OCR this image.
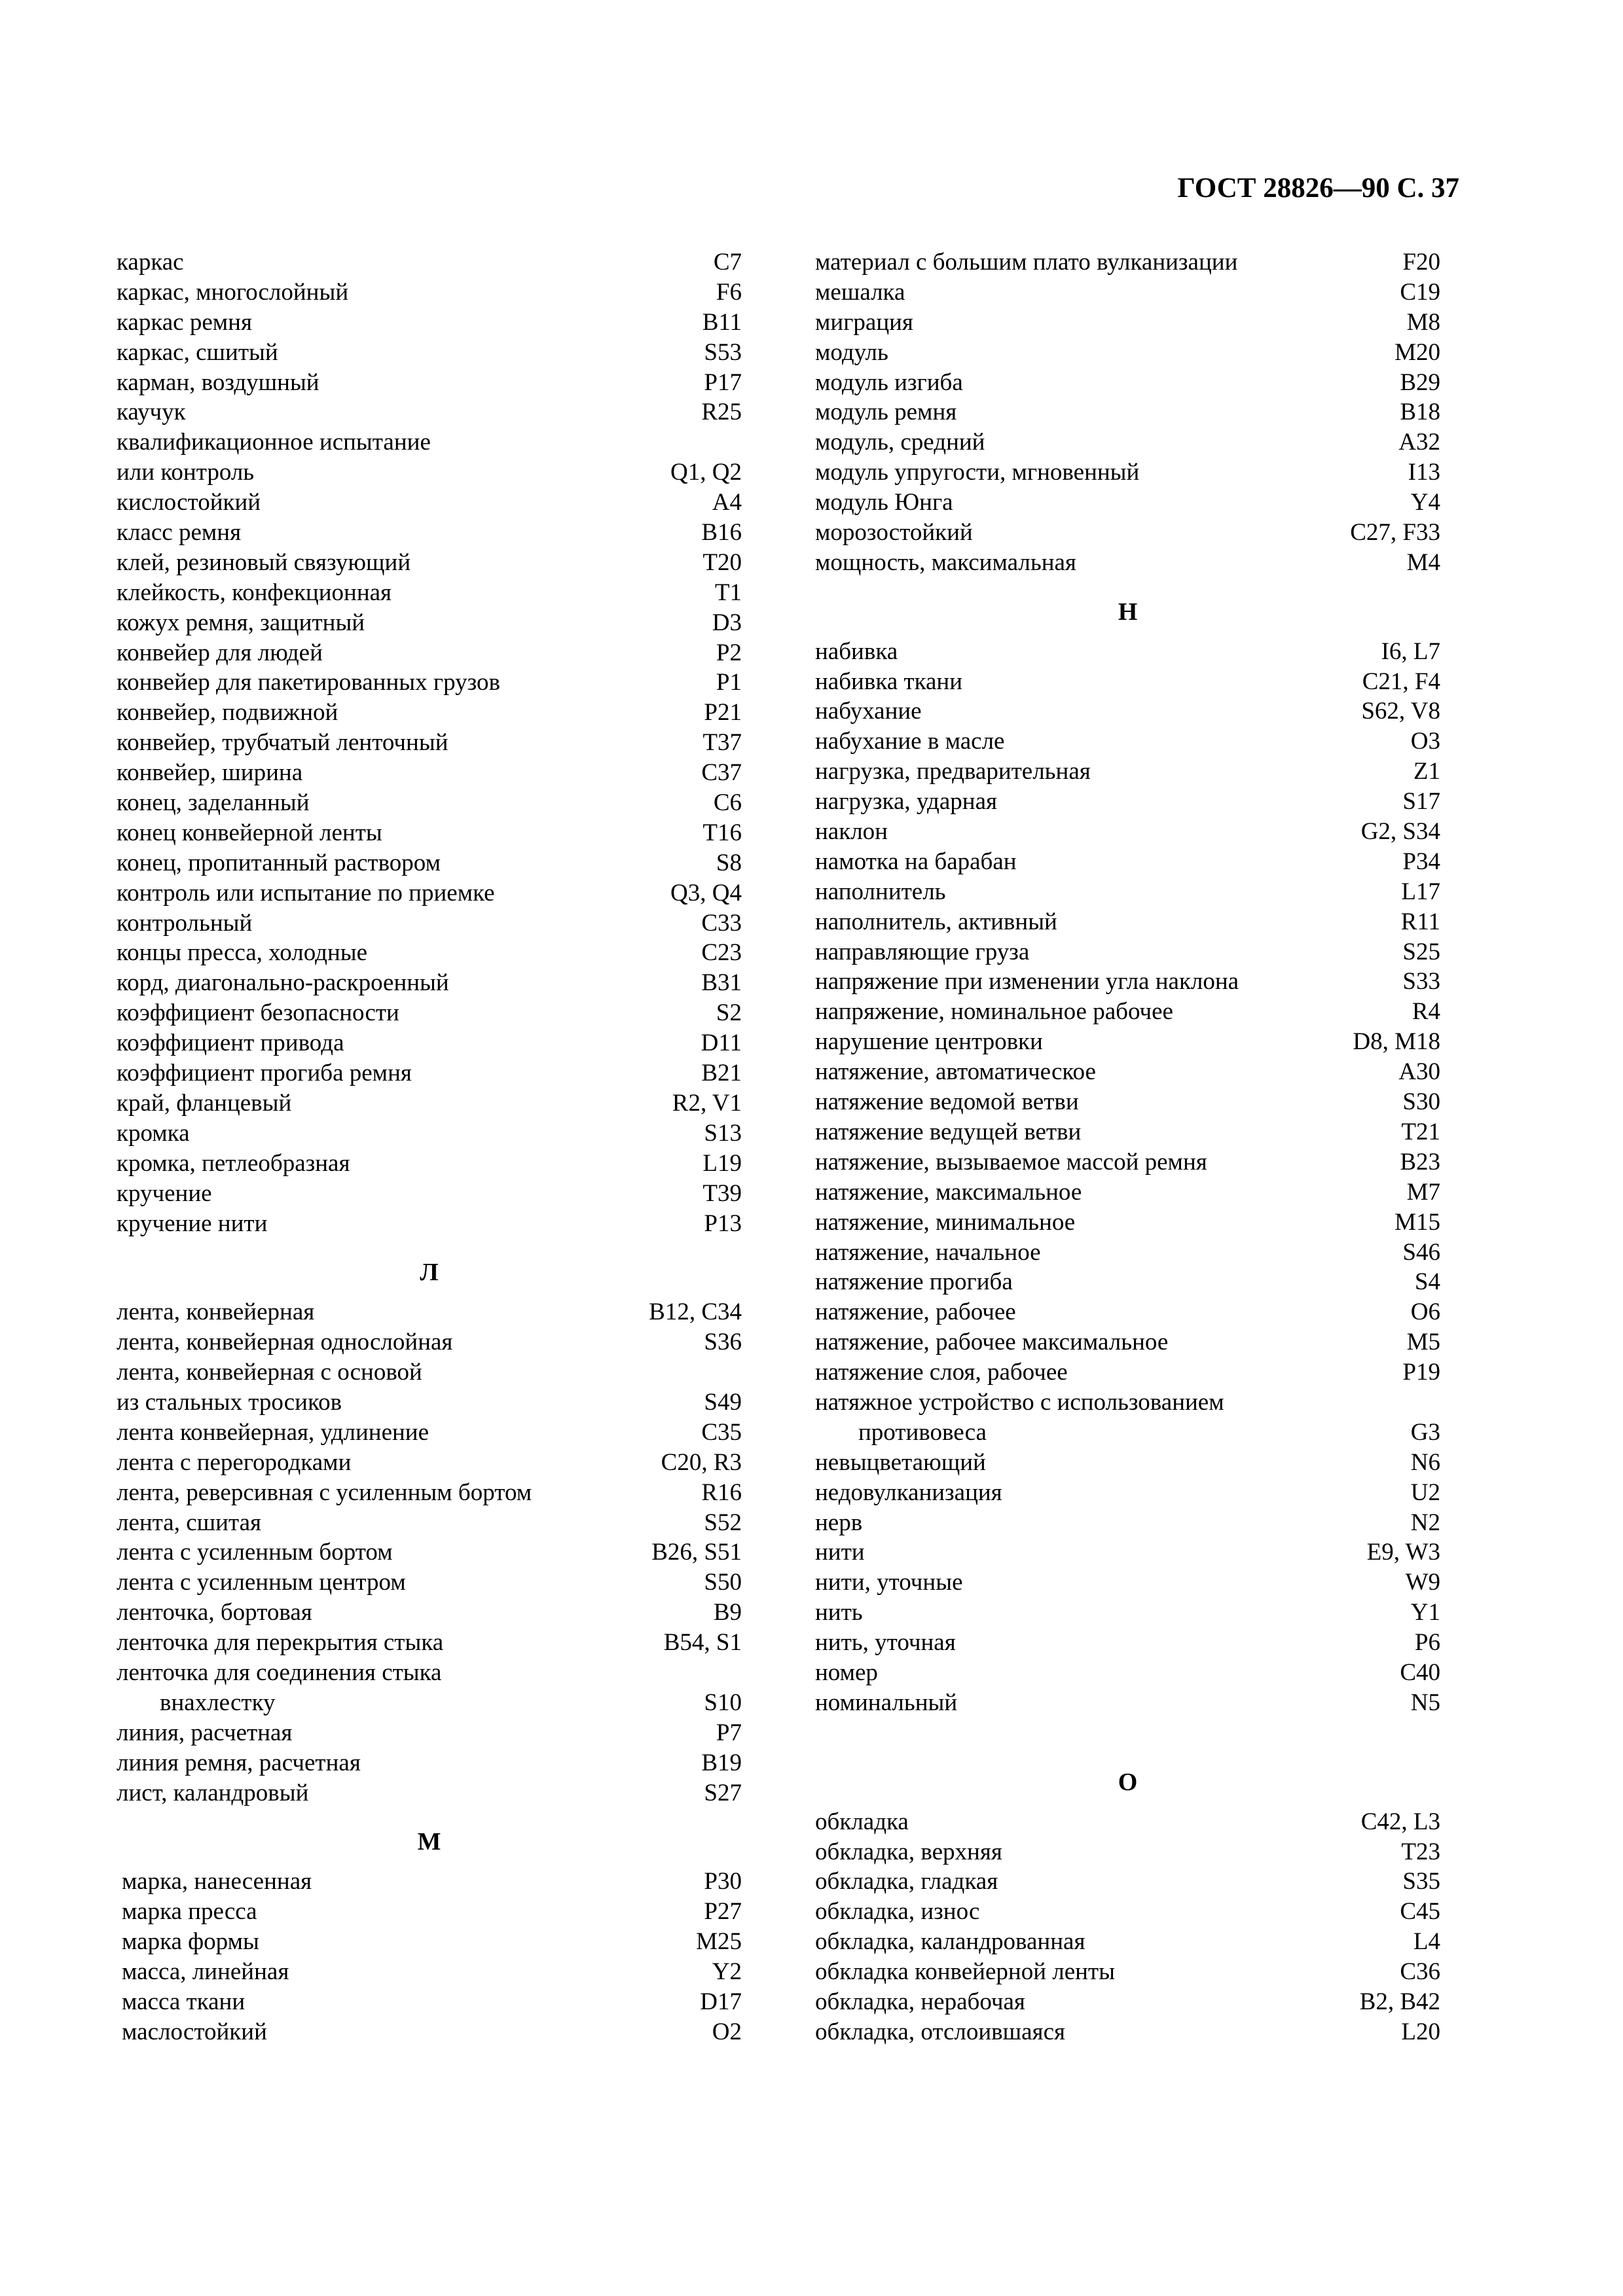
ГОСТ 28826—90 С. 37
каркас	C7
каркас, многослойный	F6
каркас ремня	B11
каркас, сшитый	S53
карман, воздушный	P17
каучук	R25
квалификационное испытание
или контроль	Q1, Q2
кислостойкий	A4
класс ремня	B16
клей, резиновый связующий	T20
клейкость, конфекционная	T1
кожух ремня, защитный	D3
конвейер для людей	P2
конвейер для пакетированных грузов	P1
конвейер, подвижной	P21
конвейер, трубчатый ленточный	T37
конвейер, ширина	C37
конец, заделанный	C6
конец конвейерной ленты	T16
конец, пропитанный раствором	S8
контроль или испытание по приемке	Q3, Q4
контрольный	C33
концы пресса, холодные	C23
корд, диагонально-раскроенный	B31
коэффициент безопасности	S2
коэффициент привода	D11
коэффициент прогиба ремня	B21
край, фланцевый	R2, V1
кромка	S13
кромка, петлеобразная	L19
кручение	T39
кручение нити	P13
Л
лента, конвейерная	B12, C34
лента, конвейерная однослойная	S36
лента, конвейерная с основой
из стальных тросиков	S49
лента конвейерная, удлинение	C35
лента с перегородками	C20, R3
лента, реверсивная с усиленным бортом	R16
лента, сшитая	S52
лента с усиленным бортом	B26, S51
лента с усиленным центром	S50
ленточка, бортовая	B9
ленточка для перекрытия стыка	B54, S1
ленточка для соединения стыка
внахлестку	S10
линия, расчетная	P7
линия ремня, расчетная	B19
лист, каландровый	S27
М
марка, нанесенная	P30
марка пресса	P27
марка формы	M25
масса, линейная	Y2
масса ткани	D17
маслостойкий	O2
материал с большим плато вулканизации	F20
мешалка	C19
миграция	M8
модуль	M20
модуль изгиба	B29
модуль ремня	B18
модуль, средний	A32
модуль упругости, мгновенный	I13
модуль Юнга	Y4
морозостойкий	C27, F33
мощность, максимальная	M4
Н
набивка	I6, L7
набивка ткани	C21, F4
набухание	S62, V8
набухание в масле	O3
нагрузка, предварительная	Z1
нагрузка, ударная	S17
наклон	G2, S34
намотка на барабан	P34
наполнитель	L17
наполнитель, активный	R11
направляющие груза	S25
напряжение при изменении угла наклона	S33
напряжение, номинальное рабочее	R4
нарушение центровки	D8, M18
натяжение, автоматическое	A30
натяжение ведомой ветви	S30
натяжение ведущей ветви	T21
натяжение, вызываемое массой ремня	B23
натяжение, максимальное	M7
натяжение, минимальное	M15
натяжение, начальное	S46
натяжение прогиба	S4
натяжение, рабочее	O6
натяжение, рабочее максимальное	M5
натяжение слоя, рабочее	P19
натяжное устройство с использованием
противовеса	G3
невыцветающий	N6
недовулканизация	U2
нерв	N2
нити	E9, W3
нити, уточные	W9
нить	Y1
нить, уточная	P6
номер	C40
номинальный	N5
О
обкладка	C42, L3
обкладка, верхняя	T23
обкладка, гладкая	S35
обкладка, износ	C45
обкладка, каландрованная	L4
обкладка конвейерной ленты	C36
обкладка, нерабочая	B2, B42
обкладка, отслоившаяся	L20
